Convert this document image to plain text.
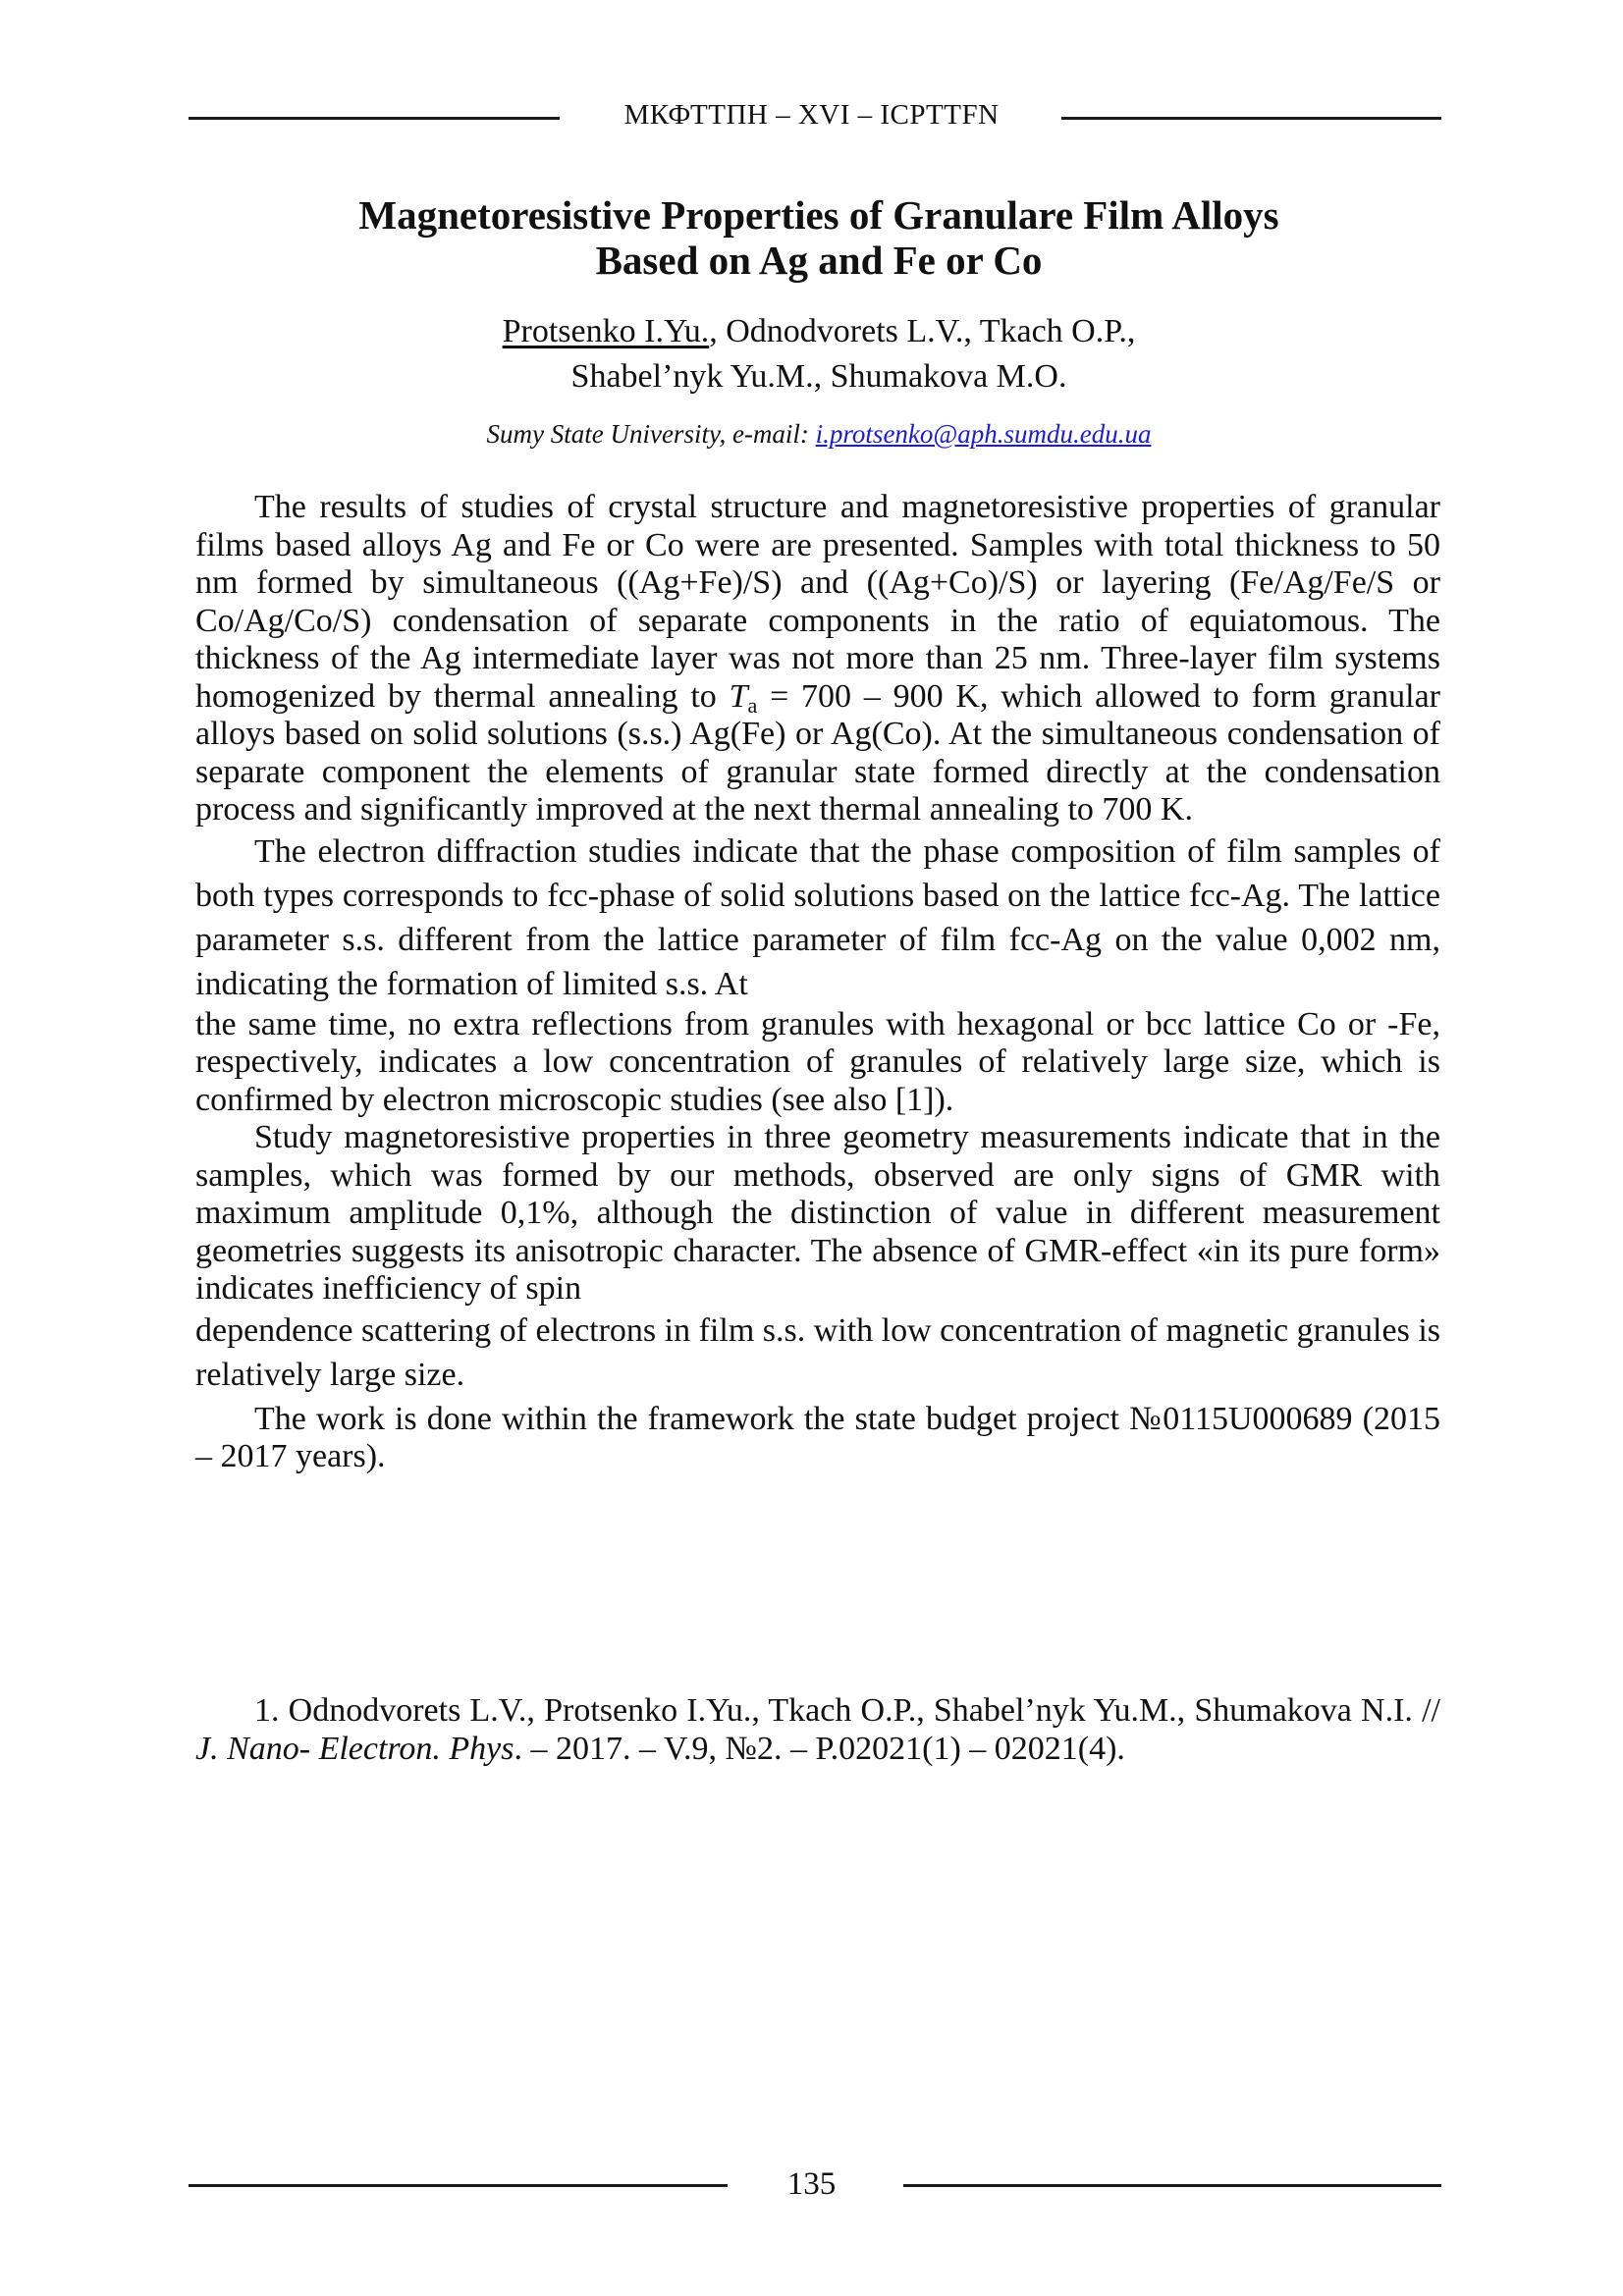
МКФТТПН – XVI – ICPTTFN
Magnetoresistive Properties of Granulare Film Alloys
Based on Ag and Fe or Co
Protsenko I.Yu., Odnodvorets L.V., Tkach O.P.,
Shabel’nyk Yu.M., Shumakova M.O.
Sumy State University, e-mail: i.protsenko@aph.sumdu.edu.ua

The results of studies of crystal structure and magnetoresistive properties of granular films based alloys Ag and Fe or Co were are presented. Samples with total thickness to 50 nm formed by simultaneous ((Ag+Fe)/S) and ((Ag+Co)/S) or layering (Fe/Ag/Fe/S or Co/Ag/Co/S) condensation of separate components in the ratio of equiatomous. The thickness of the Ag intermediate layer was not more than 25 nm. Three-layer film systems homogenized by thermal annealing to $T_a = 700 - 900$ K, which allowed to form granular alloys based on solid solutions (s.s.) Ag(Fe) or Ag(Co). At the simultaneous condensation of separate component the elements of granular state formed directly at the condensation process and significantly improved at the next thermal annealing to 700 K.

The electron diffraction studies indicate that the phase composition of film samples of both types corresponds to fcc-phase of solid solutions based on the lattice fcc-Ag. The lattice parameter s.s. different from the lattice parameter of film fcc-Ag on the value 0,002 nm, indicating the formation of limited s.s. At

the same time, no extra reflections from granules with hexagonal or bcc lattice Co or -Fe, respectively, indicates a low concentration of granules of relatively large size, which is confirmed by electron microscopic studies (see also [1]).

Study magnetoresistive properties in three geometry measurements indicate that in the samples, which was formed by our methods, observed are only signs of GMR with maximum amplitude 0,1%, although the distinction of value in different measurement geometries suggests its anisotropic character. The absence of GMR-effect «in its pure form» indicates inefficiency of spin

dependence scattering of electrons in film s.s. with low concentration of magnetic granules is relatively large size.

The work is done within the framework the state budget project №0115U000689 (2015 – 2017 years).

1. Odnodvorets L.V., Protsenko I.Yu., Tkach O.P., Shabel’nyk Yu.M., Shumakova N.I. // J. Nano- Electron. Phys. – 2017. – V.9, №2. – P.02021(1) – 02021(4).
135
